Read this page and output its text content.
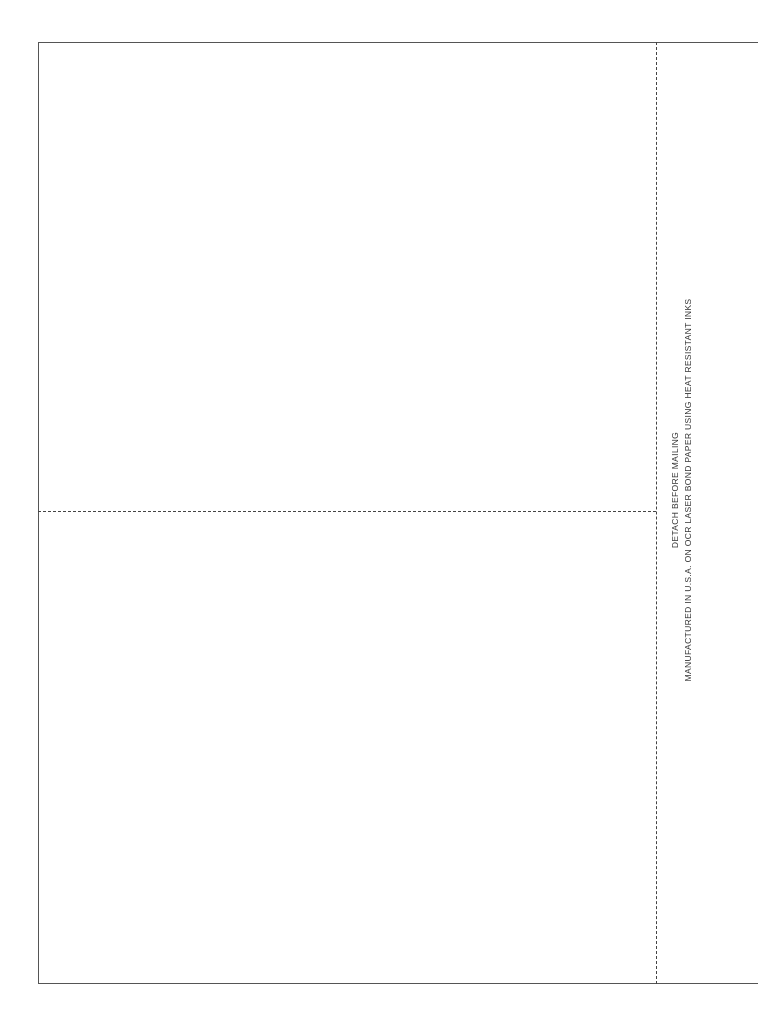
DETACH BEFORE MAILING MANUFACTURED IN U.S.A. ON OCR LASER BOND PAPER USING HEAT RESISTANT INKS
